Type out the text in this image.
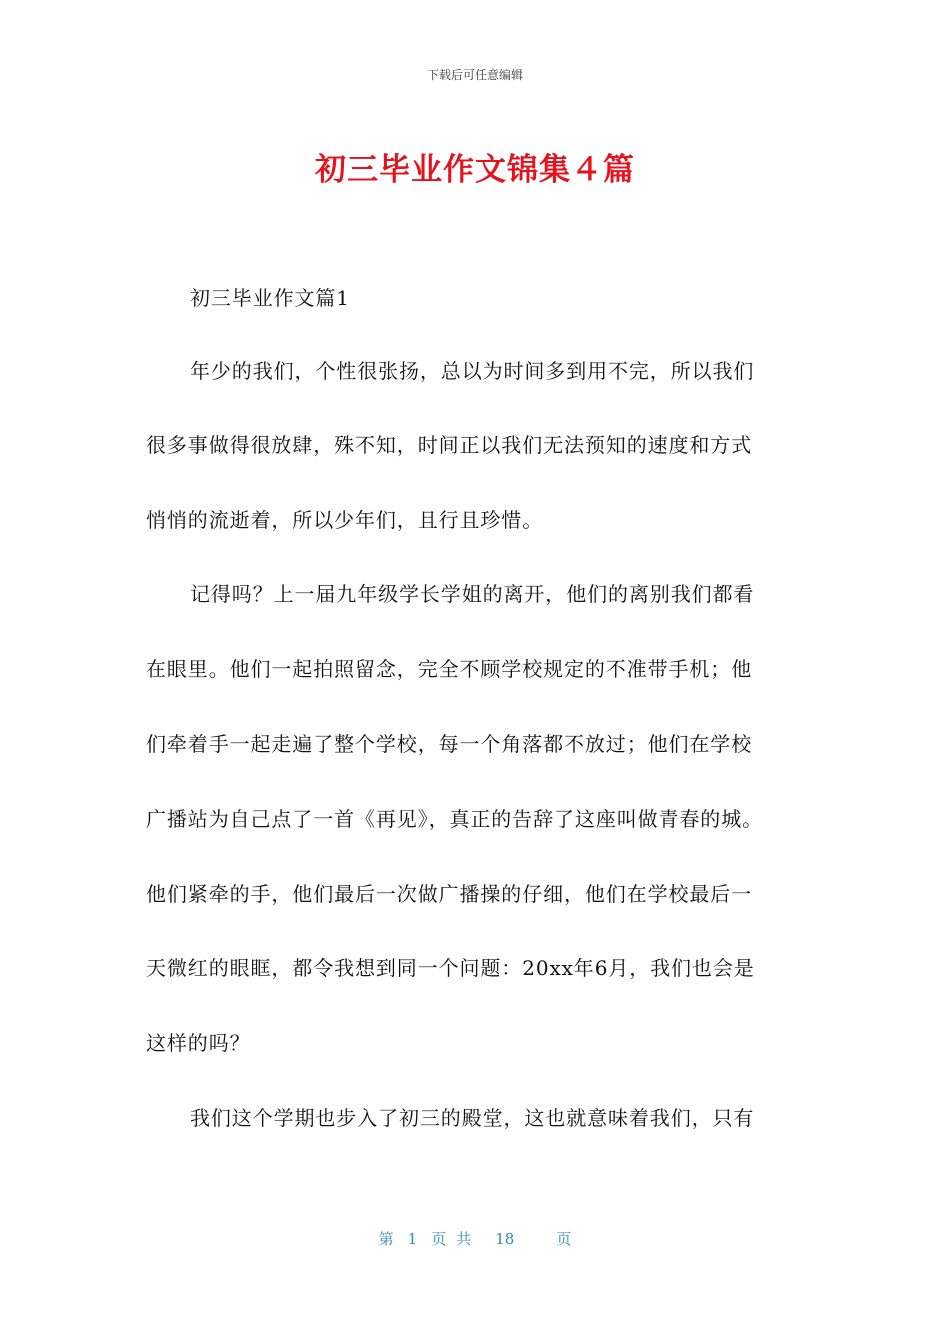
下载后可任意编辑
初三毕业作文锦集４篇
初三毕业作文篇1
年少的我们，个性很张扬，总以为时间多到用不完，所以我们
很多事做得很放肆，殊不知，时间正以我们无法预知的速度和方式
悄悄的流逝着，所以少年们，且行且珍惜。
记得吗？上一届九年级学长学姐的离开，他们的离别我们都看
在眼里。他们一起拍照留念，完全不顾学校规定的不准带手机；他
们牵着手一起走遍了整个学校，每一个角落都不放过；他们在学校
广播站为自己点了一首《再见》，真正的告辞了这座叫做青春的城。
他们紧牵的手，他们最后一次做广播操的仔细，他们在学校最后一
天微红的眼眶，都令我想到同一个问题：20xx年6月，我们也会是
这样的吗？
我们这个学期也步入了初三的殿堂，这也就意味着我们，只有
第 1 页共 18	页
